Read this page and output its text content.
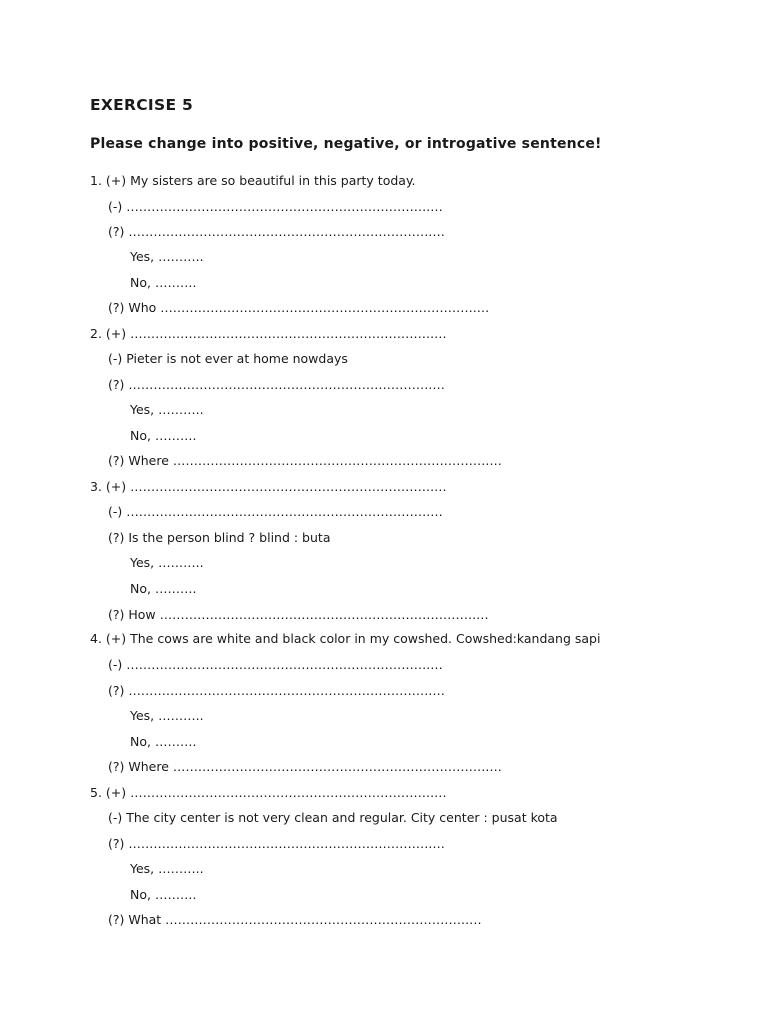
EXERCISE 5
Please change into positive, negative, or introgative sentence!
1. (+) My sisters are so beautiful in this party today.
(-) ……………………………………………………………….…
(?) ……………………………………………………………….…
Yes, ………..
No, ……….
(?) Who ………………………………………………………………….…
2. (+) ……………………………………………………………….…
(-) Pieter is not ever at home nowdays
(?) ……………………………………………………………….…
Yes, ………..
No, ……….
(?) Where ………………………………………………………………….…
3. (+) ……………………………………………………………….…
(-) ……………………………………………………………….…
(?) Is the person blind ? blind : buta
Yes, ………..
No, ……….
(?) How ………………………………………………………………….…
4. (+) The cows are white and black color in my cowshed. Cowshed:kandang sapi
(-) ……………………………………………………………….…
(?) ……………………………………………………………….…
Yes, ………..
No, ……….
(?) Where ………………………………………………………………….…
5. (+) ……………………………………………………………….…
(-) The city center is not very clean and regular. City center : pusat kota
(?) ……………………………………………………………….…
Yes, ………..
No, ……….
(?) What ……………………………………………………………….…
